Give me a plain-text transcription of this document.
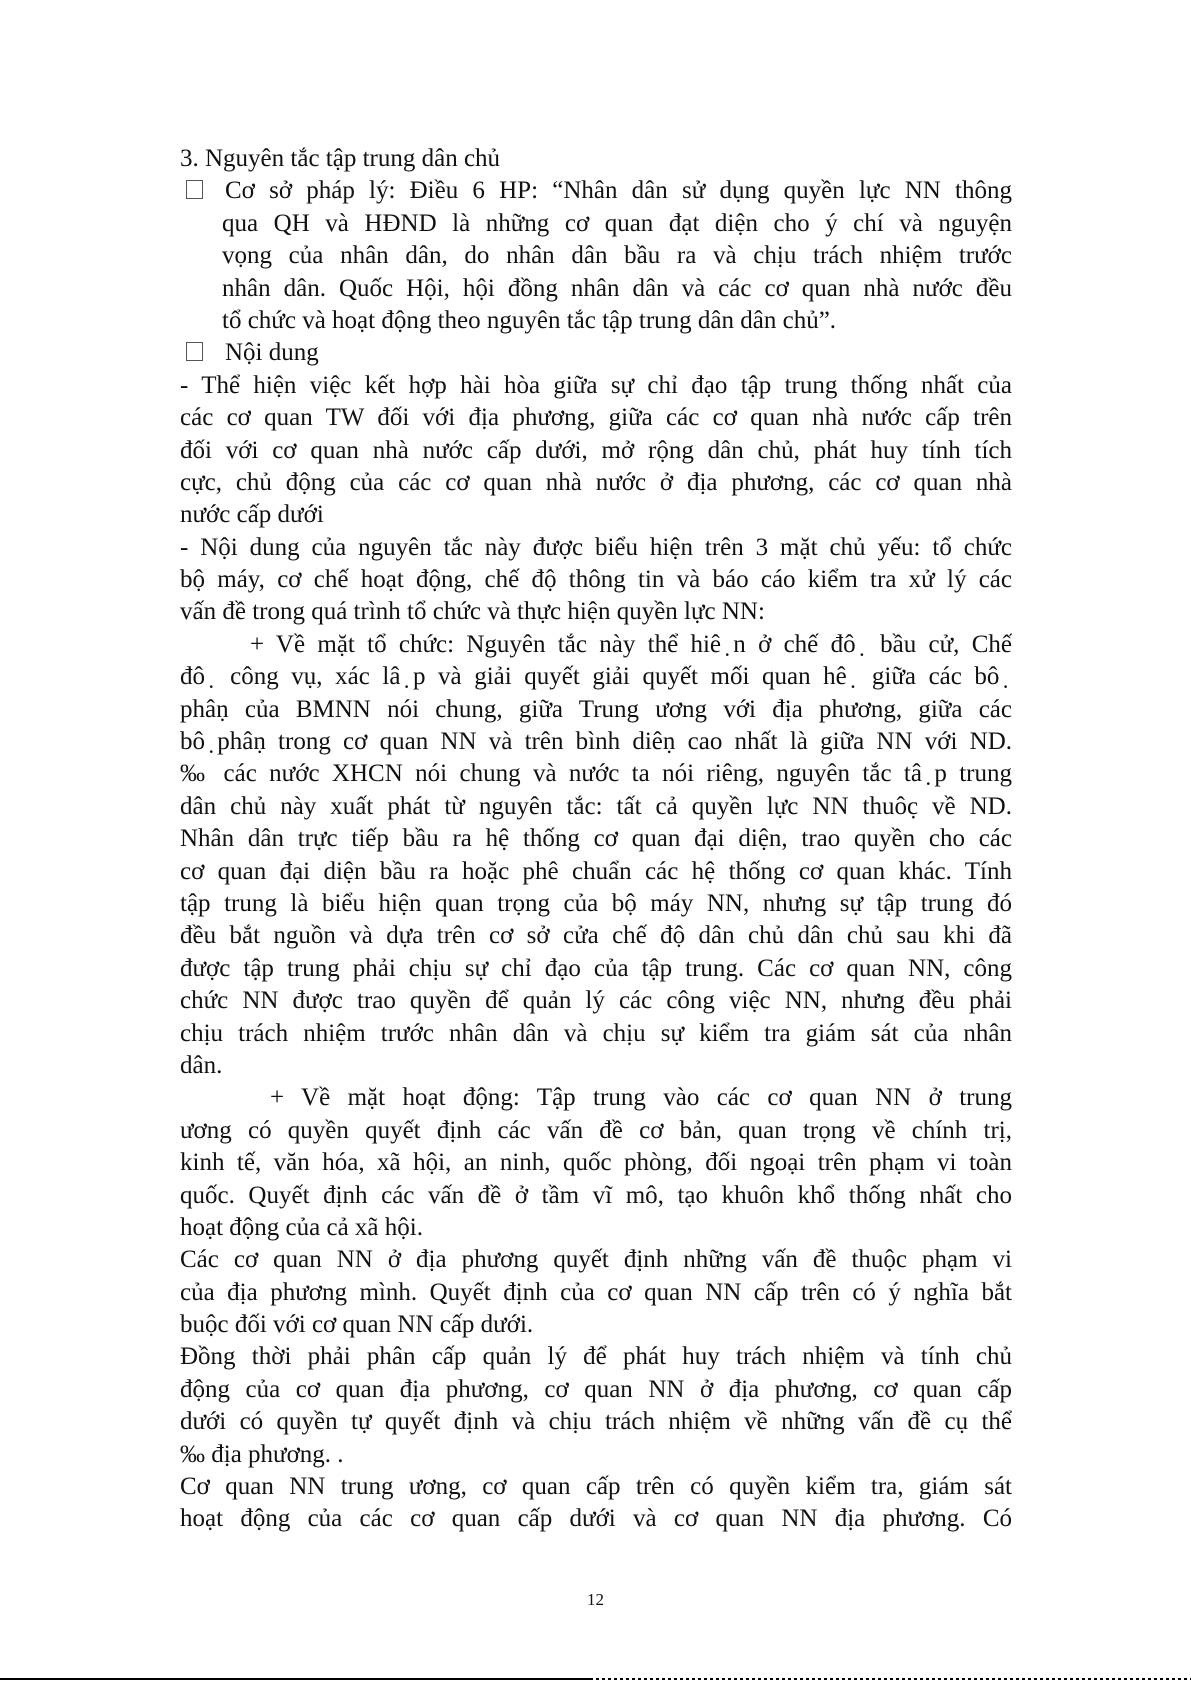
3. Nguyên tắc tập trung dân chủ
Cơ sở pháp lý: Điều 6 HP: “Nhân dân sử dụng quyền lực NN thông
qua QH và HĐND là những cơ quan đạt diện cho ý chí và nguyện
vọng của nhân dân, do nhân dân bầu ra và chịu trách nhiệm trước
nhân dân. Quốc Hội, hội đồng nhân dân và các cơ quan nhà nước đều
tổ chức và hoạt động theo nguyên tắc tập trung dân dân chủ”.
Nội dung
- Thể hiện việc kết hợp hài hòa giữa sự chỉ đạo tập trung thống nhất của
các cơ quan TW đối với địa phương, giữa các cơ quan nhà nước cấp trên
đối với cơ quan nhà nước cấp dưới, mở rộng dân chủ, phát huy tính tích
cực, chủ động của các cơ quan nhà nước ở địa phương, các cơ quan nhà
nước cấp dưới
- Nội dung của nguyên tắc này được biểu hiện trên 3 mặt chủ yếu: tổ chức
bộ máy, cơ chế hoạt động, chế độ thông tin và báo cáo kiểm tra xử lý các
vấn đề trong quá trình tổ chức và thực hiện quyền lực NN:
+ Về mặt tổ chức: Nguyên tắc này thể hiê ̣n ở chế đô ̣ bầu cử, Chế
đô ̣ công vụ, xác lâ ̣p và giải quyết giải quyết mối quan hê ̣ giữa các bô ̣
phâṇ của BMNN nói chung, giữa Trung ương với địa phương, giữa các
bô ̣phâṇ trong cơ quan NN và trên bình diêṇ cao nhất là giữa NN với ND.
‰ các nước XHCN nói chung và nước ta nói riêng, nguyên tắc tâ ̣p trung
dân chủ này xuất phát từ nguyên tắc: tất cả quyền lực NN thuôc̣ về ND.
Nhân dân trực tiếp bầu ra hệ thống cơ quan đại diện, trao quyền cho các
cơ quan đại diện bầu ra hoặc phê chuẩn các hệ thống cơ quan khác. Tính
tập trung là biểu hiện quan trọng của bộ máy NN, nhưng sự tập trung đó
đều bắt nguồn và dựa trên cơ sở cửa chế độ dân chủ dân chủ sau khi đã
được tập trung phải chịu sự chỉ đạo của tập trung. Các cơ quan NN, công
chức NN được trao quyền để quản lý các công việc NN, nhưng đều phải
chịu trách nhiệm trước nhân dân và chịu sự kiểm tra giám sát của nhân
dân.
+ Về mặt hoạt động: Tập trung vào các cơ quan NN ở trung
ương có quyền quyết định các vấn đề cơ bản, quan trọng về chính trị,
kinh tế, văn hóa, xã hội, an ninh, quốc phòng, đối ngoại trên phạm vi toàn
quốc. Quyết định các vấn đề ở tầm vĩ mô, tạo khuôn khổ thống nhất cho
hoạt động của cả xã hội.
Các cơ quan NN ở địa phương quyết định những vấn đề thuộc phạm vi
của địa phương mình. Quyết định của cơ quan NN cấp trên có ý nghĩa bắt
buộc đối với cơ quan NN cấp dưới.
Đồng thời phải phân cấp quản lý để phát huy trách nhiệm và tính chủ
động của cơ quan địa phương, cơ quan NN ở địa phương, cơ quan cấp
dưới có quyền tự quyết định và chịu trách nhiệm về những vấn đề cụ thể
‰ địa phương. .
Cơ quan NN trung ương, cơ quan cấp trên có quyền kiểm tra, giám sát
hoạt động của các cơ quan cấp dưới và cơ quan NN địa phương. Có
12
